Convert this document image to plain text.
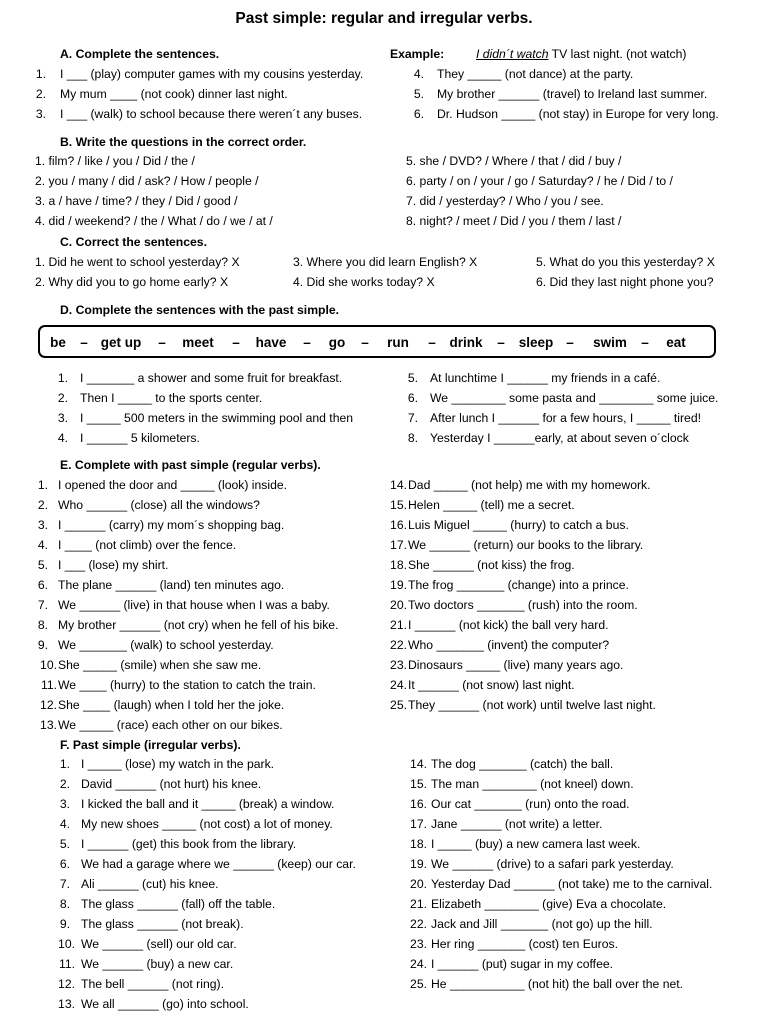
Past simple: regular and irregular verbs.
A. Complete the sentences.	Example:	I didn´t watch TV last night. (not watch)
1. I ___ (play) computer games with my cousins yesterday.
2. My mum ____ (not cook) dinner last night.
3. I ___ (walk) to school because there weren´t any buses.
4. They _____ (not dance) at the party.
5. My brother ______ (travel) to Ireland last summer.
6. Dr. Hudson _____ (not stay) in Europe for very long.
B. Write the questions in the correct order.
1. film? / like / you / Did / the /
2. you / many / did / ask? / How / people /
3. a / have / time? / they / Did / good /
4. did / weekend? / the / What / do / we / at /
5. she / DVD? / Where / that / did / buy /
6. party / on / your / go / Saturday? / he / Did / to /
7. did / yesterday? / Who / you / see.
8. night? / meet / Did / you / them / last /
C. Correct the sentences.
1. Did he went to school yesterday? X
2. Why did you to go home early? X
3. Where you did learn English? X
4. Did she works today? X
5. What do you this yesterday? X
6. Did they last night phone you?
D. Complete the sentences with the past simple.
be – get up – meet – have – go – run – drink – sleep – swim – eat
1. I _______ a shower and some fruit for breakfast.
2. Then I _____ to the sports center.
3. I _____ 500 meters in the swimming pool and then
4. I ______ 5 kilometers.
5. At lunchtime I ______ my friends in a café.
6. We ________ some pasta and ________ some juice.
7. After lunch I ______ for a few hours, I _____ tired!
8. Yesterday I ______early, at about seven o´clock
E. Complete with past simple (regular verbs).
1. I opened the door and _____ (look) inside.
2. Who ______ (close) all the windows?
3. I ______ (carry) my mom´s shopping bag.
4. I ____ (not climb) over the fence.
5. I ___ (lose) my shirt.
6. The plane ______ (land) ten minutes ago.
7. We ______ (live) in that house when I was a baby.
8. My brother ______ (not cry) when he fell of his bike.
9. We _______ (walk) to school yesterday.
10. She _____ (smile) when she saw me.
11. We ____ (hurry) to the station to catch the train.
12. She ____ (laugh) when I told her the joke.
13. We _____ (race) each other on our bikes.
14. Dad _____ (not help) me with my homework.
15. Helen _____ (tell) me a secret.
16. Luis Miguel _____ (hurry) to catch a bus.
17. We ______ (return) our books to the library.
18. She ______ (not kiss) the frog.
19. The frog _______ (change) into a prince.
20. Two doctors _______ (rush) into the room.
21. I ______ (not kick) the ball very hard.
22. Who _______ (invent) the computer?
23. Dinosaurs _____ (live) many years ago.
24. It ______ (not snow) last night.
25. They ______ (not work) until twelve last night.
F. Past simple (irregular verbs).
1. I _____ (lose) my watch in the park.
2. David ______ (not hurt) his knee.
3. I kicked the ball and it _____ (break) a window.
4. My new shoes _____ (not cost) a lot of money.
5. I ______ (get) this book from the library.
6. We had a garage where we ______ (keep) our car.
7. Ali ______ (cut) his knee.
8. The glass ______ (fall) off the table.
9. The glass ______ (not break).
10. We ______ (sell) our old car.
11. We ______ (buy) a new car.
12. The bell ______ (not ring).
13. We all ______ (go) into school.
14. The dog _______ (catch) the ball.
15. The man ________ (not kneel) down.
16. Our cat _______ (run) onto the road.
17. Jane ______ (not write) a letter.
18. I _____ (buy) a new camera last week.
19. We ______ (drive) to a safari park yesterday.
20. Yesterday Dad ______ (not take) me to the carnival.
21. Elizabeth ________ (give) Eva a chocolate.
22. Jack and Jill _______ (not go) up the hill.
23. Her ring _______ (cost) ten Euros.
24. I ______ (put) sugar in my coffee.
25. He ___________ (not hit) the ball over the net.
